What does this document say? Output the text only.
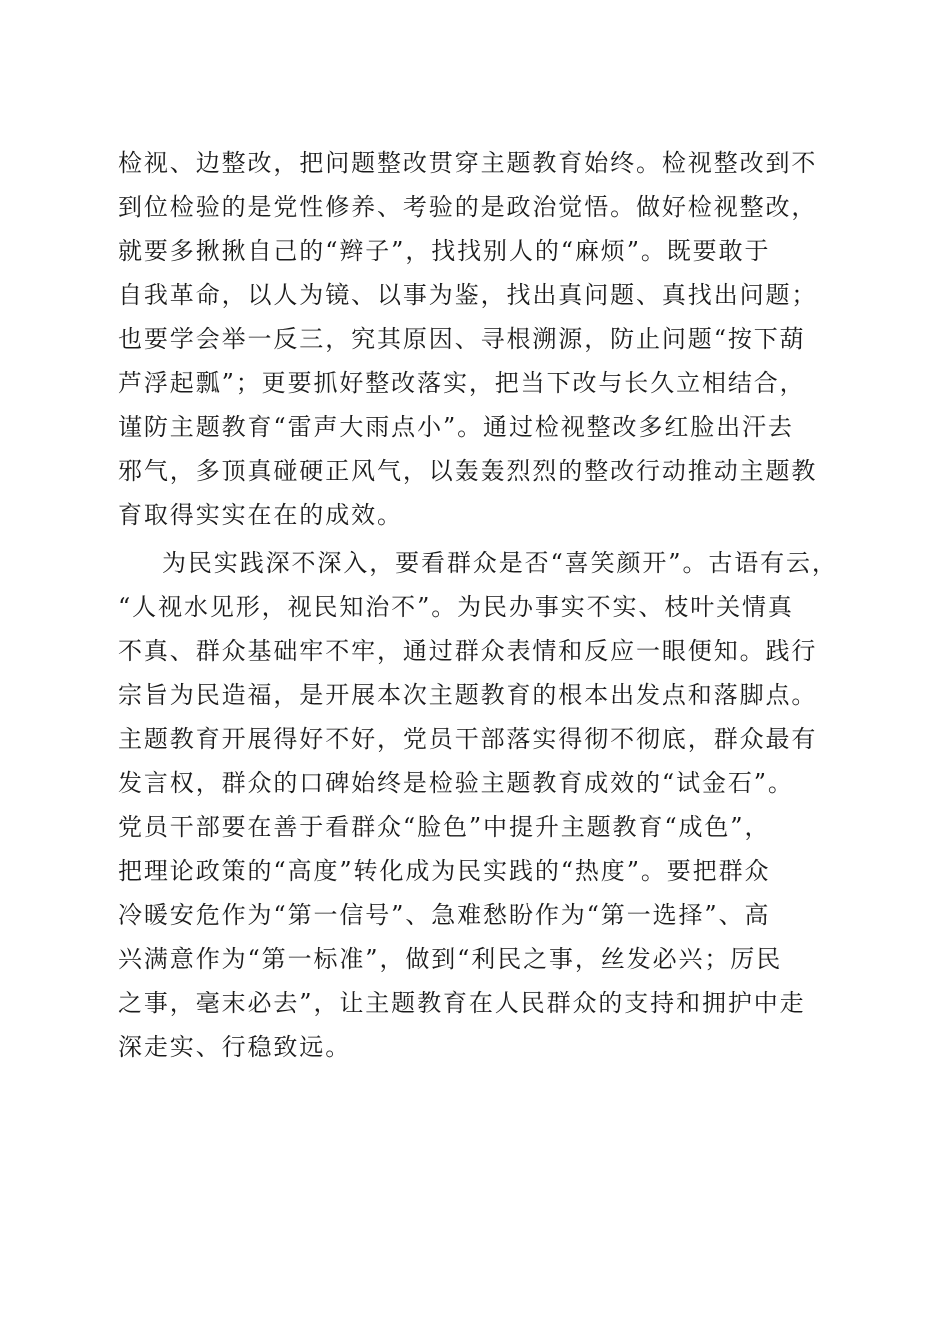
检视、边整改，把问题整改贯穿主题教育始终。检视整改到不
到位检验的是党性修养、考验的是政治觉悟。做好检视整改，
就要多揪揪自己的“辫子”，找找别人的“麻烦”。既要敢于
自我革命，以人为镜、以事为鉴，找出真问题、真找出问题；
也要学会举一反三，究其原因、寻根溯源，防止问题“按下葫
芦浮起瓢”；更要抓好整改落实，把当下改与长久立相结合，
谨防主题教育“雷声大雨点小”。通过检视整改多红脸出汗去
邪气，多顶真碰硬正风气，以轰轰烈烈的整改行动推动主题教
育取得实实在在的成效。
为民实践深不深入，要看群众是否“喜笑颜开”。古语有云，
“人视水见形，视民知治不”。为民办事实不实、枝叶关情真
不真、群众基础牢不牢，通过群众表情和反应一眼便知。践行
宗旨为民造福，是开展本次主题教育的根本出发点和落脚点。
主题教育开展得好不好，党员干部落实得彻不彻底，群众最有
发言权，群众的口碑始终是检验主题教育成效的“试金石”。
党员干部要在善于看群众“脸色”中提升主题教育“成色”，
把理论政策的“高度”转化成为民实践的“热度”。要把群众
冷暖安危作为“第一信号”、急难愁盼作为“第一选择”、高
兴满意作为“第一标准”，做到“利民之事，丝发必兴；厉民
之事，毫末必去”，让主题教育在人民群众的支持和拥护中走
深走实、行稳致远。
